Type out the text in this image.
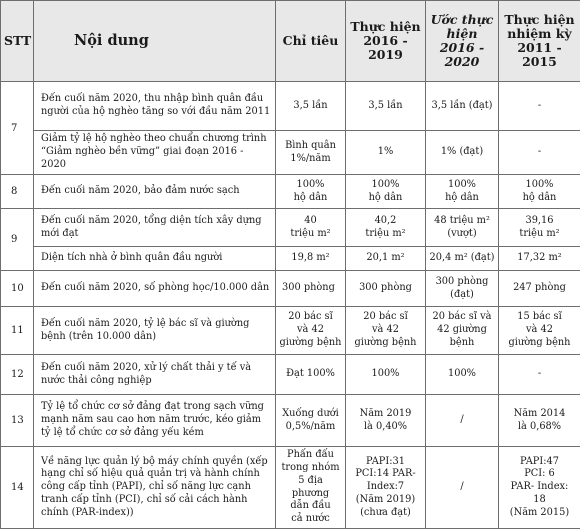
STT	Nội dung	Chỉ tiêu	Thực hiện
2016 -
2019	Ước thực hiện
2016 -
2020	Thực hiện nhiệm kỳ
2011 -
2015
7	Đến cuối năm 2020, thu nhập bình quân đầu người của hộ nghèo tăng so với đầu năm 2011	3,5 lần	3,5 lần	3,5 lần (đạt)	-
	Giảm tỷ lệ hộ nghèo theo chuẩn chương trình “Giảm nghèo bền vững” giai đoạn 2016 - 2020	Bình quân
1%/năm	1%	1% (đạt)	-
8	Đến cuối năm 2020, bảo đảm nước sạch	100%
hộ dân	100%
hộ dân	100%
hộ dân	100%
hộ dân
9	Đến cuối năm 2020, tổng diện tích xây dựng mới đạt	40
triệu m²	40,2
triệu m²	48 triệu m²
(vượt)	39,16
triệu m²
	Diện tích nhà ở bình quân đầu người	19,8 m²	20,1 m²	20,4 m² (đạt)	17,32 m²
10	Đến cuối năm 2020, số phòng học/10.000 dân	300 phòng	300 phòng	300 phòng
(đạt)	247 phòng
11	Đến cuối năm 2020, tỷ lệ bác sĩ và giường bệnh (trên 10.000 dân)	20 bác sĩ
và 42
giường bệnh	20 bác sĩ
và 42
giường bệnh	20 bác sĩ và
42 giường
bệnh	15 bác sĩ
và 42
giường bệnh
12	Đến cuối năm 2020, xử lý chất thải y tế và nước thải công nghiệp	Đạt 100%	100%	100%	-
13	Tỷ lệ tổ chức cơ sở đảng đạt trong sạch vững mạnh năm sau cao hơn năm trước, kéo giảm tỷ lệ tổ chức cơ sở đảng yếu kém	Xuống dưới
0,5%/năm	Năm 2019
là 0,40%	/	Năm 2014
là 0,68%
14	Về năng lực quản lý bộ máy chính quyền (xếp hạng chỉ số hiệu quả quản trị và hành chính công cấp tỉnh (PAPI), chỉ số năng lực cạnh tranh cấp tỉnh (PCI), chỉ số cải cách hành chính (PAR-index))	Phấn đấu
trong nhóm
5 địa phương
dẫn đầu
cả nước	PAPI:31
PCI:14 PAR-
Index:7
(Năm 2019)
(chưa đạt)	/	PAPI:47
PCI: 6
PAR- Index:
18
(Năm 2015)
